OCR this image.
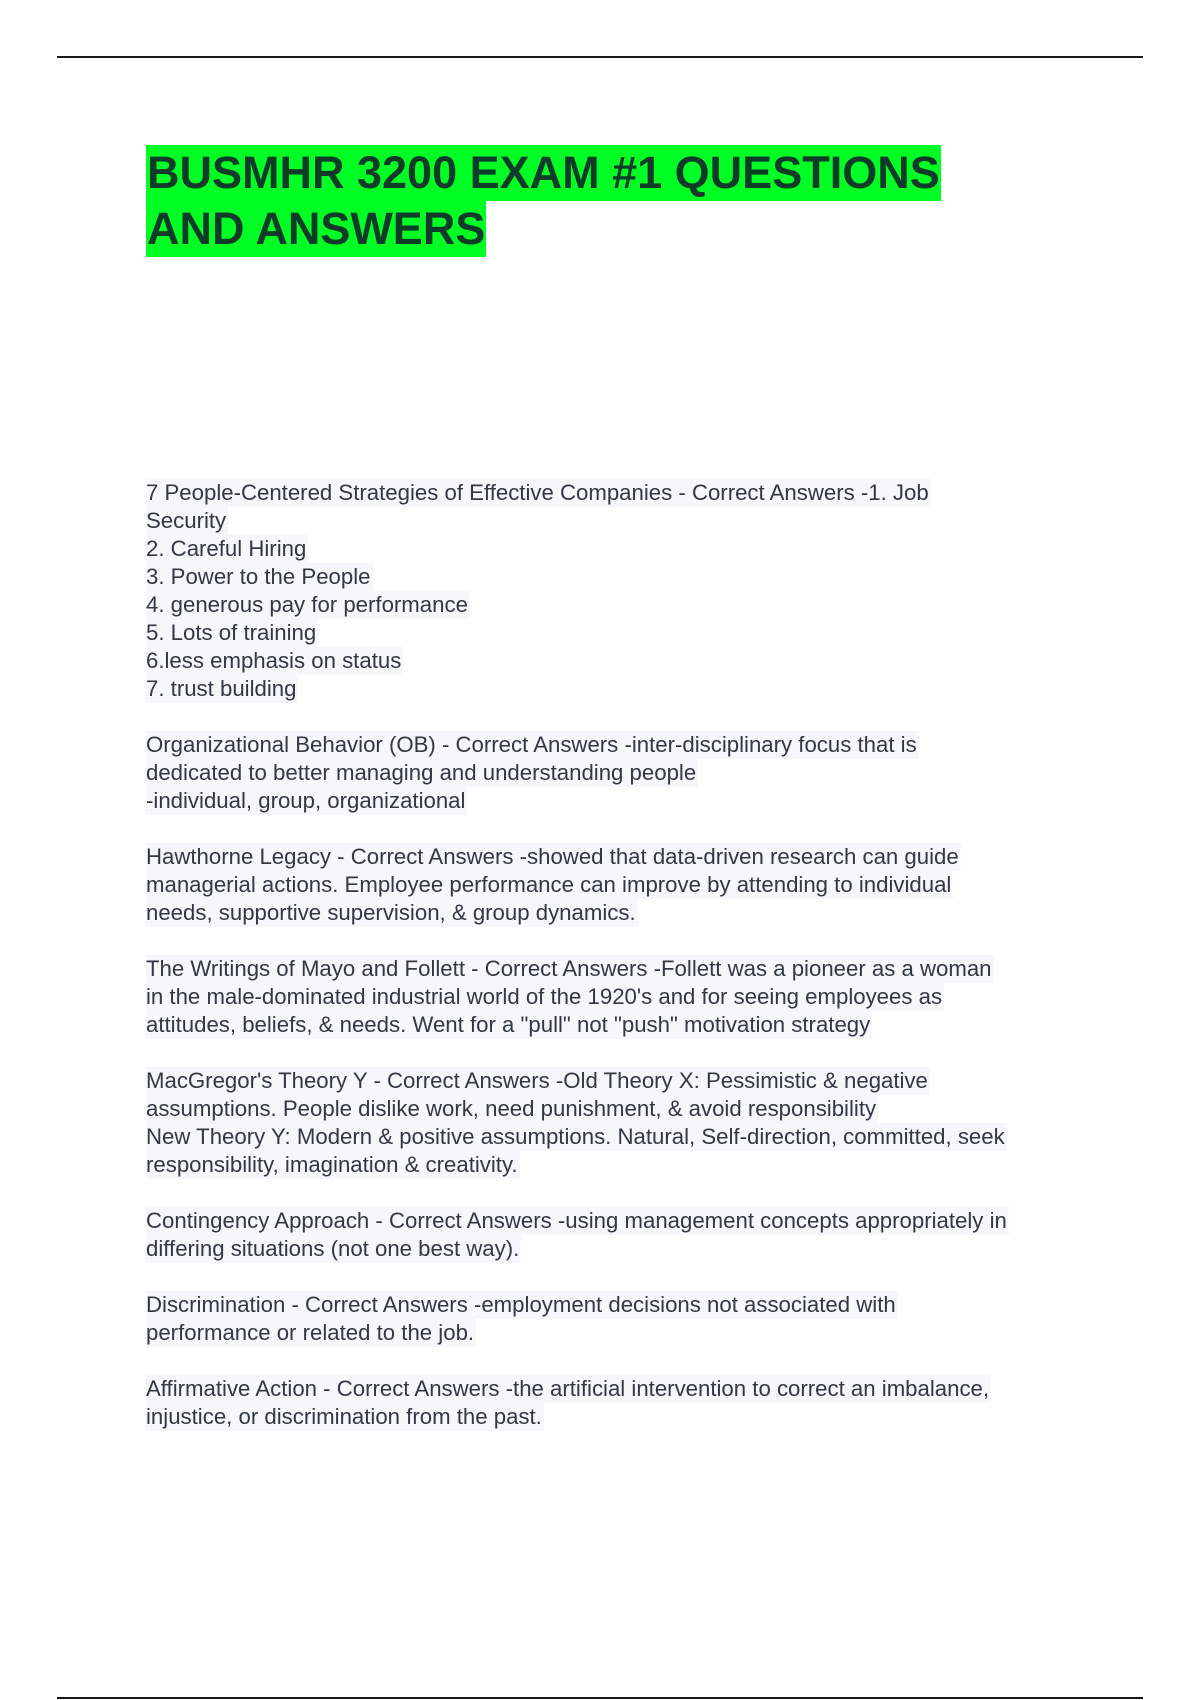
BUSMHR 3200 EXAM #1 QUESTIONS
AND ANSWERS
7 People-Centered Strategies of Effective Companies - Correct Answers -1. Job
Security
2. Careful Hiring
3. Power to the People
4. generous pay for performance
5. Lots of training
6.less emphasis on status
7. trust building
Organizational Behavior (OB) - Correct Answers -inter-disciplinary focus that is
dedicated to better managing and understanding people
-individual, group, organizational
Hawthorne Legacy - Correct Answers -showed that data-driven research can guide
managerial actions. Employee performance can improve by attending to individual
needs, supportive supervision, & group dynamics.
The Writings of Mayo and Follett - Correct Answers -Follett was a pioneer as a woman
in the male-dominated industrial world of the 1920's and for seeing employees as
attitudes, beliefs, & needs. Went for a "pull" not "push" motivation strategy
MacGregor's Theory Y - Correct Answers -Old Theory X: Pessimistic & negative
assumptions. People dislike work, need punishment, & avoid responsibility
New Theory Y: Modern & positive assumptions. Natural, Self-direction, committed, seek
responsibility, imagination & creativity.
Contingency Approach - Correct Answers -using management concepts appropriately in
differing situations (not one best way).
Discrimination - Correct Answers -employment decisions not associated with
performance or related to the job.
Affirmative Action - Correct Answers -the artificial intervention to correct an imbalance,
injustice, or discrimination from the past.
